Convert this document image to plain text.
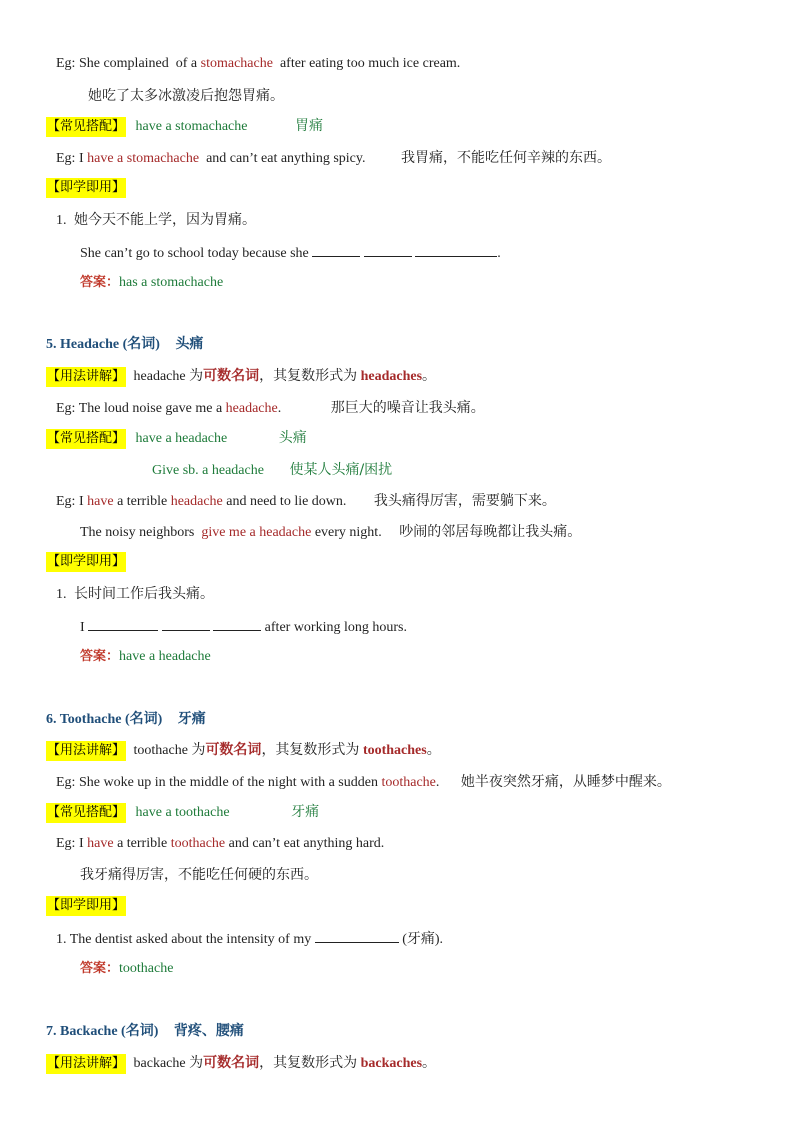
Eg: She complained of a stomachache after eating too much ice cream.
她吃了太多冰激凌后抱怨胃痛。
【常见搭配】 have a stomachache	胃痛
Eg: I have a stomachache and can’t eat anything spicy.	我胃痛，不能吃任何辛辣的东西。
【即学即用】
1. 她今天不能上学，因为胃痛。
She can’t go to school today because she	.
答案：has a stomachache
5. Headache (名词) 头痛
【用法讲解】 headache 为可数名词，其复数形式为 headaches。
Eg: The loud noise gave me a headache.	那巨大的噪音让我头痛。
【常见搭配】 have a headache	头痛
Give sb. a headache 使某人头痛/困扰
Eg: I have a terrible headache and need to lie down. 我头痛得厉害，需要躺下来。
The noisy neighbors give me a headache every night. 吵闹的邻居每晚都让我头痛。
【即学即用】
1. 长时间工作后我头痛。
I	after working long hours.
答案：have a headache
6. Toothache (名词) 牙痛
【用法讲解】 toothache 为可数名词，其复数形式为 toothaches。
Eg: She woke up in the middle of the night with a sudden toothache. 她半夜突然牙痛，从睡梦中醒来。
【常见搭配】 have a toothache	牙痛
Eg: I have a terrible toothache and can’t eat anything hard.
我牙痛得厉害，不能吃任何硬的东西。
【即学即用】
1. The dentist asked about the intensity of my	(牙痛).
答案：toothache
7. Backache (名词) 背疼、腰痛
【用法讲解】 backache 为可数名词，其复数形式为 backaches。
